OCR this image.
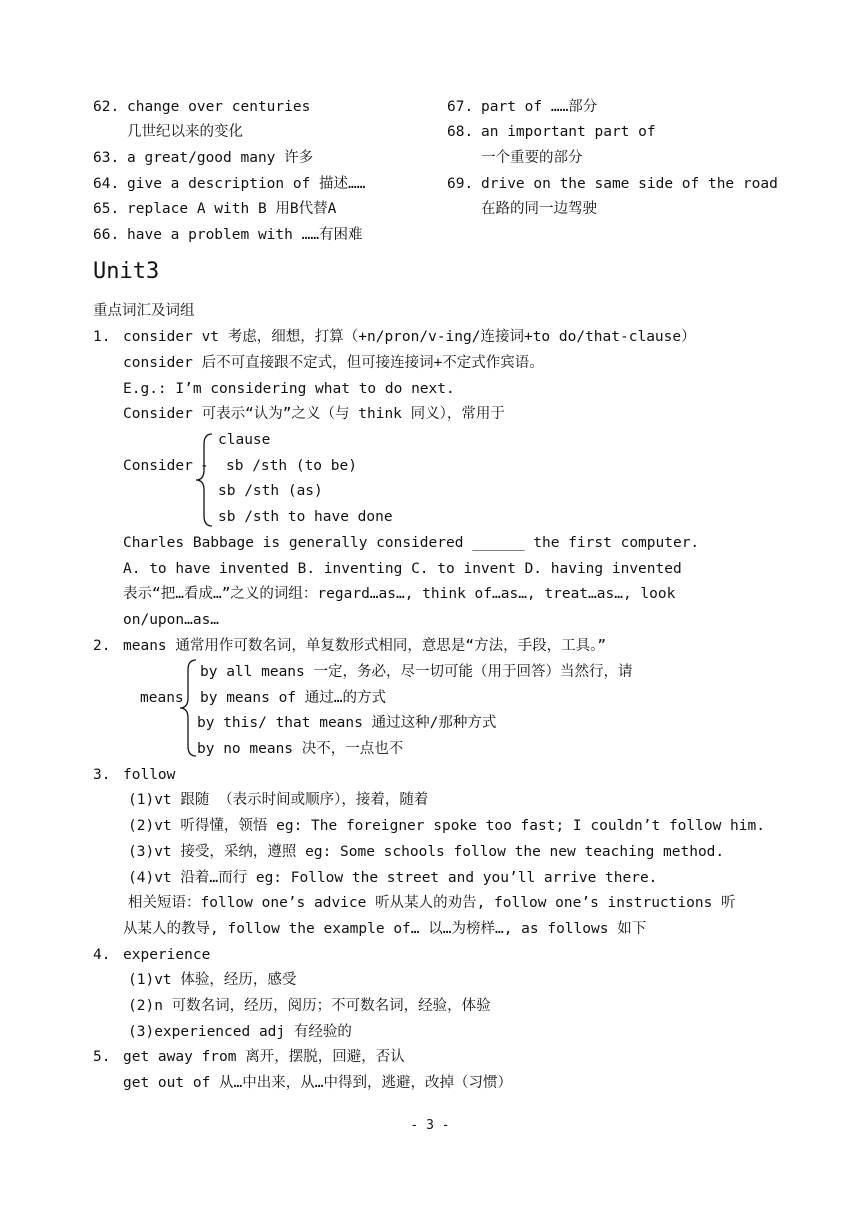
62. change over centuries
几世纪以来的变化
63. a great/good many 许多
64. give a description of 描述……
65. replace A with B 用B代替A
66. have a problem with ……有困难
67. part of ……部分
68. an important part of
一个重要的部分
69. drive on the same side of the road
在路的同一边驾驶
Unit3
重点词汇及词组
1. consider vt 考虑，细想，打算（+n/pron/v-ing/连接词+to do/that-clause）
consider 后不可直接跟不定式，但可接连接词+不定式作宾语。
E.g.: I’m considering what to do next.
Consider 可表示“认为”之义（与 think 同义），常用于
Consider -
clause
sb /sth (to be)
sb /sth (as)
sb /sth to have done
Charles Babbage is generally considered ______ the first computer.
A. to have invented B. inventing C. to invent D. having invented
表示“把…看成…”之义的词组：regard…as…, think of…as…, treat…as…, look
on/upon…as…
2. means 通常用作可数名词，单复数形式相同，意思是“方法，手段，工具。”
means
by all means 一定，务必，尽一切可能（用于回答）当然行，请
by means of 通过…的方式
by this/ that means 通过这种/那种方式
by no means 决不，一点也不
3. follow
(1)vt 跟随 （表示时间或顺序），接着，随着
(2)vt 听得懂，领悟 eg: The foreigner spoke too fast; I couldn’t follow him.
(3)vt 接受，采纳，遵照 eg: Some schools follow the new teaching method.
(4)vt 沿着…而行 eg: Follow the street and you’ll arrive there.
相关短语：follow one’s advice 听从某人的劝告, follow one’s instructions 听
从某人的教导, follow the example of… 以…为榜样…, as follows 如下
4. experience
(1)vt 体验，经历，感受
(2)n 可数名词，经历，阅历；不可数名词，经验，体验
(3)experienced adj 有经验的
5. get away from 离开，摆脱，回避，否认
get out of 从…中出来，从…中得到，逃避，改掉（习惯）
- 3 -
